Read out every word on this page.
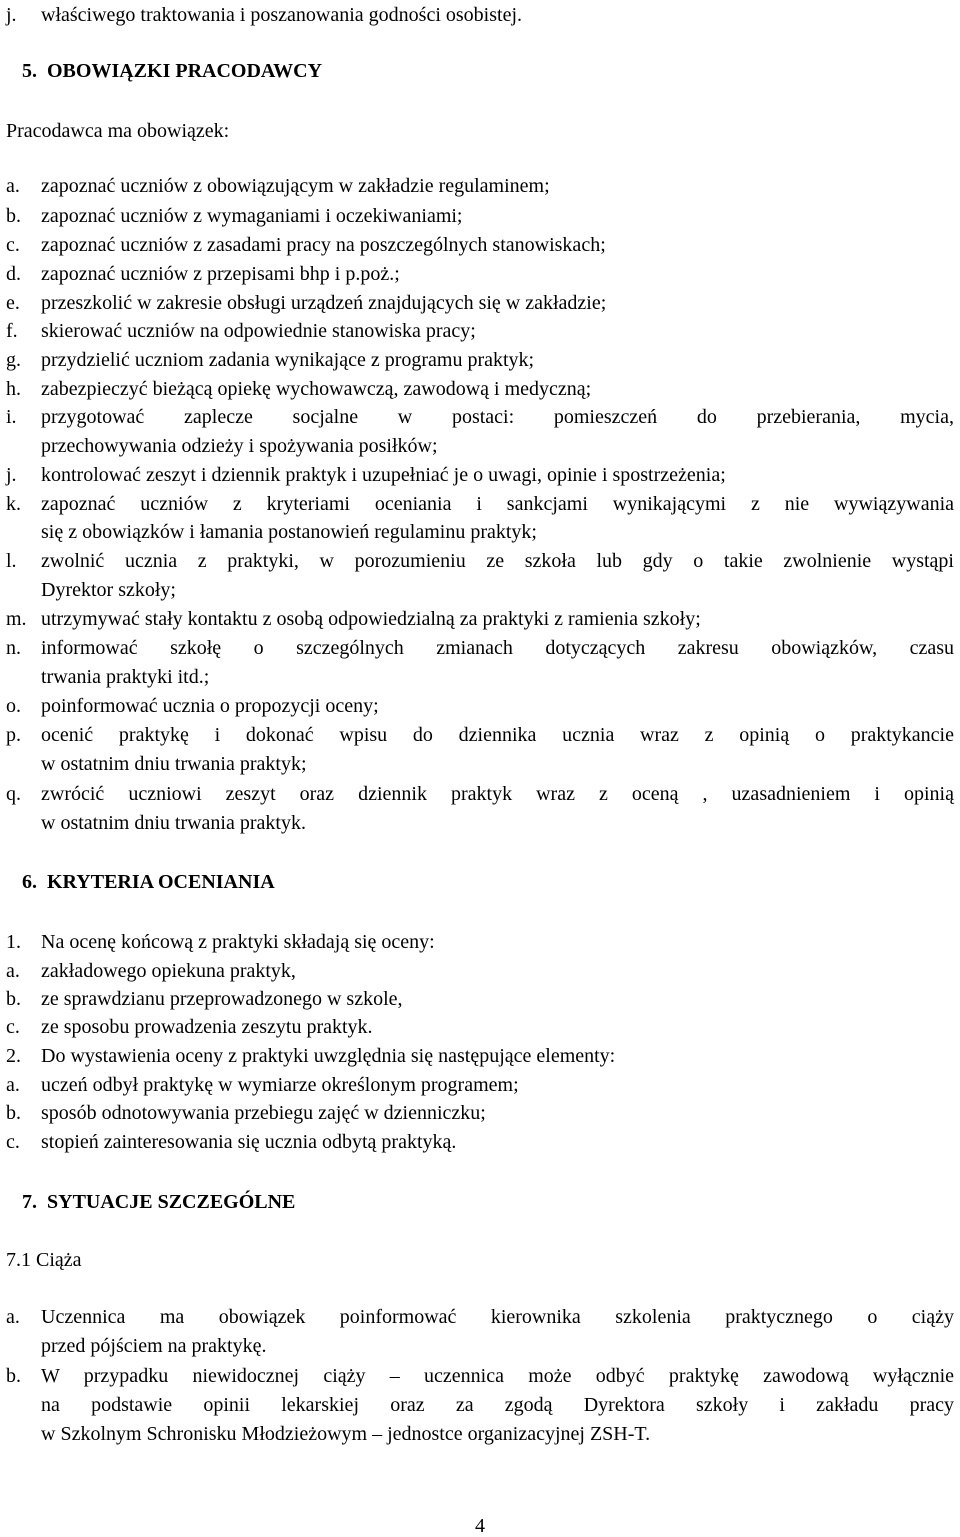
j. właściwego traktowania i poszanowania godności osobistej.
5. OBOWIĄZKI PRACODAWCY
Pracodawca ma obowiązek:
a. zapoznać uczniów z obowiązującym w zakładzie regulaminem;
b. zapoznać uczniów z wymaganiami i oczekiwaniami;
c. zapoznać uczniów z zasadami pracy na poszczególnych stanowiskach;
d. zapoznać uczniów z przepisami bhp i p.poż.;
e. przeszkolić w zakresie obsługi urządzeń znajdujących się w zakładzie;
f. skierować uczniów na odpowiednie stanowiska pracy;
g. przydzielić uczniom zadania wynikające z programu praktyk;
h. zabezpieczyć bieżącą opiekę wychowawczą, zawodową i medyczną;
i. przygotować zaplecze socjalne w postaci: pomieszczeń do przebierania, mycia,
przechowywania odzieży i spożywania posiłków;
j. kontrolować zeszyt i dziennik praktyk i uzupełniać je o uwagi, opinie i spostrzeżenia;
k. zapoznać uczniów z kryteriami oceniania i sankcjami wynikającymi z nie wywiązywania
się z obowiązków i łamania postanowień regulaminu praktyk;
l. zwolnić ucznia z praktyki, w porozumieniu ze szkoła lub gdy o takie zwolnienie wystąpi
Dyrektor szkoły;
m. utrzymywać stały kontaktu z osobą odpowiedzialną za praktyki z ramienia szkoły;
n. informować szkołę o szczególnych zmianach dotyczących zakresu obowiązków, czasu
trwania praktyki itd.;
o. poinformować ucznia o propozycji oceny;
p. ocenić praktykę i dokonać wpisu do dziennika ucznia wraz z opinią o praktykancie
w ostatnim dniu trwania praktyk;
q. zwrócić uczniowi zeszyt oraz dziennik praktyk wraz z oceną , uzasadnieniem i opinią
w ostatnim dniu trwania praktyk.
6. KRYTERIA OCENIANIA
1. Na ocenę końcową z praktyki składają się oceny:
a. zakładowego opiekuna praktyk,
b. ze sprawdzianu przeprowadzonego w szkole,
c. ze sposobu prowadzenia zeszytu praktyk.
2. Do wystawienia oceny z praktyki uwzględnia się następujące elementy:
a. uczeń odbył praktykę w wymiarze określonym programem;
b. sposób odnotowywania przebiegu zajęć w dzienniczku;
c. stopień zainteresowania się ucznia odbytą praktyką.
7. SYTUACJE SZCZEGÓLNE
7.1 Ciąża
a. Uczennica ma obowiązek poinformować kierownika szkolenia praktycznego o ciąży
przed pójściem na praktykę.
b. W przypadku niewidocznej ciąży – uczennica może odbyć praktykę zawodową wyłącznie
na podstawie opinii lekarskiej oraz za zgodą Dyrektora szkoły i zakładu pracy
w Szkolnym Schronisku Młodzieżowym – jednostce organizacyjnej ZSH-T.
4
